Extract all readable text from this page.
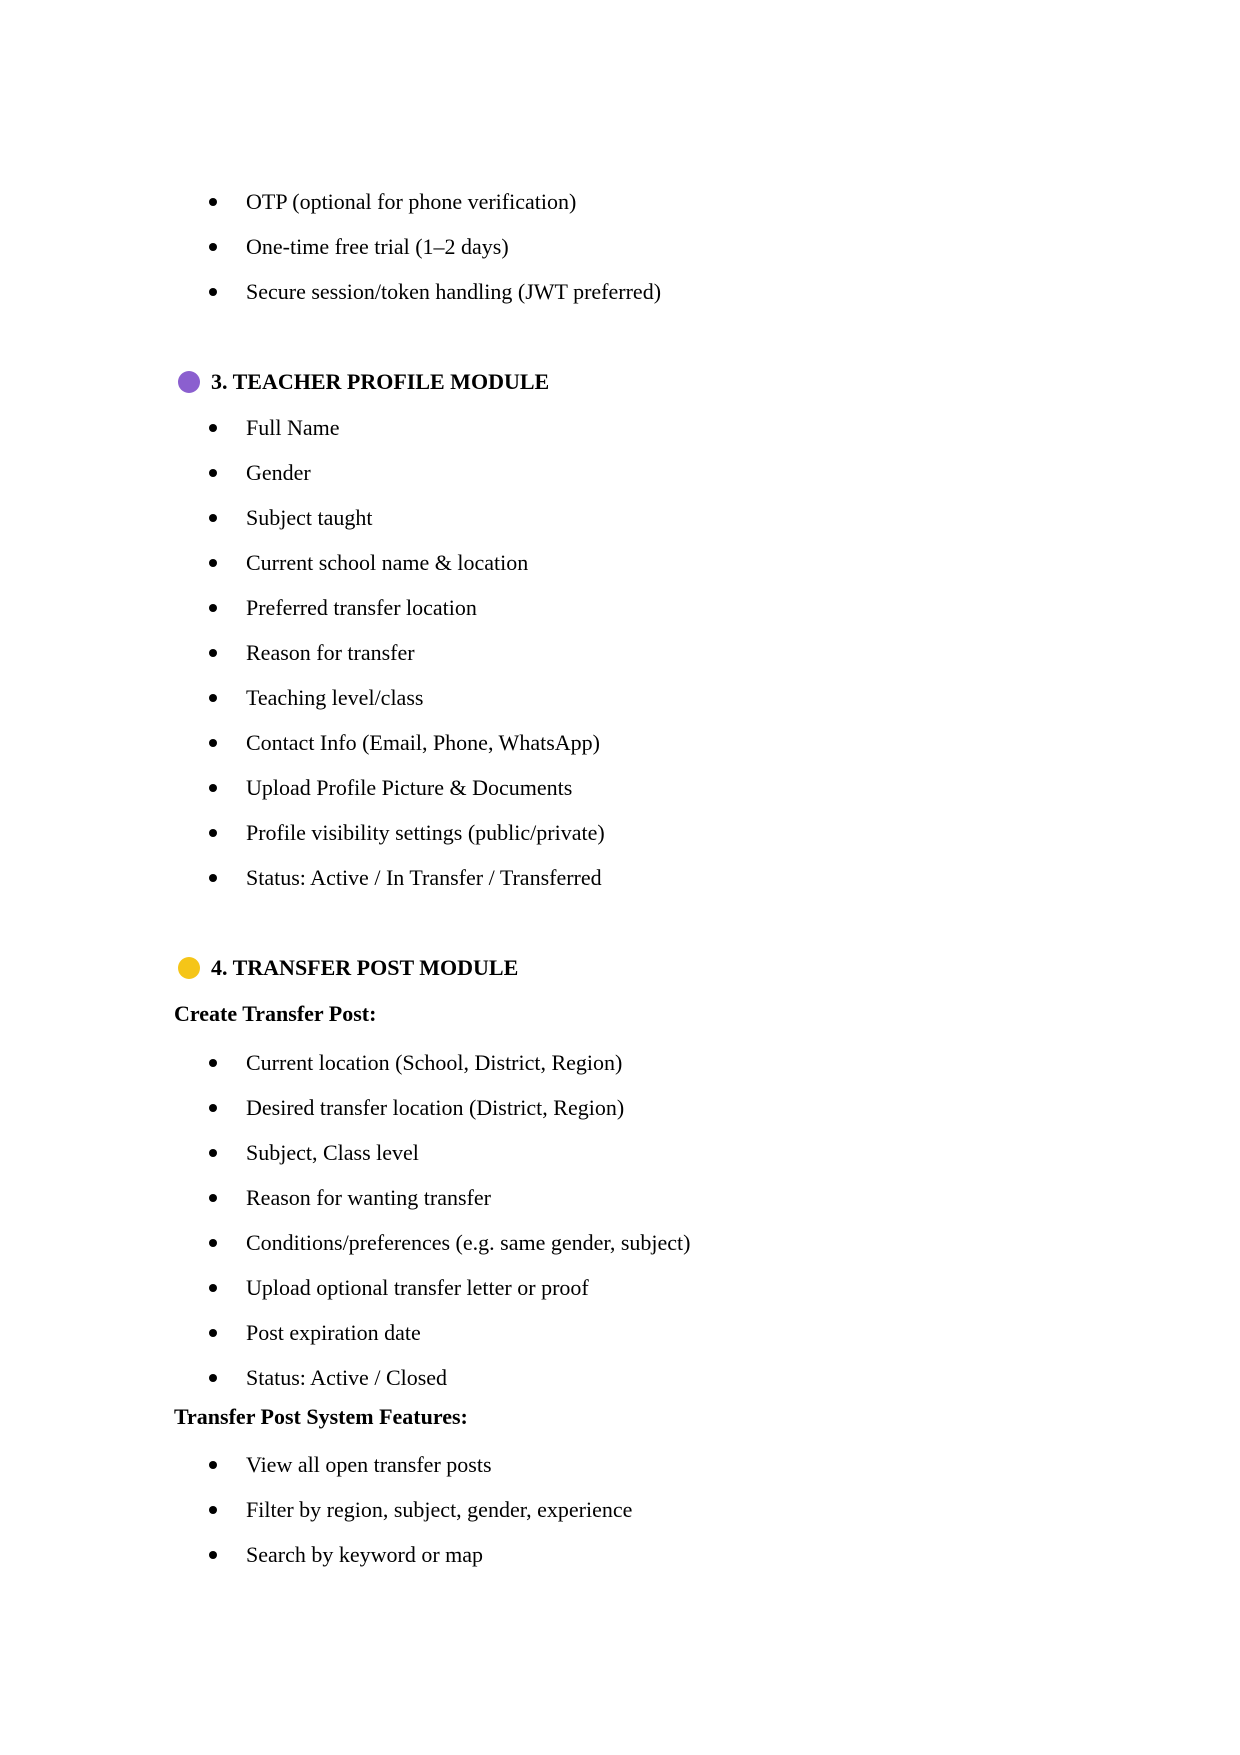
OTP (optional for phone verification)
One-time free trial (1–2 days)
Secure session/token handling (JWT preferred)
3. TEACHER PROFILE MODULE
Full Name
Gender
Subject taught
Current school name & location
Preferred transfer location
Reason for transfer
Teaching level/class
Contact Info (Email, Phone, WhatsApp)
Upload Profile Picture & Documents
Profile visibility settings (public/private)
Status: Active / In Transfer / Transferred
4. TRANSFER POST MODULE
Create Transfer Post:
Current location (School, District, Region)
Desired transfer location (District, Region)
Subject, Class level
Reason for wanting transfer
Conditions/preferences (e.g. same gender, subject)
Upload optional transfer letter or proof
Post expiration date
Status: Active / Closed
Transfer Post System Features:
View all open transfer posts
Filter by region, subject, gender, experience
Search by keyword or map
